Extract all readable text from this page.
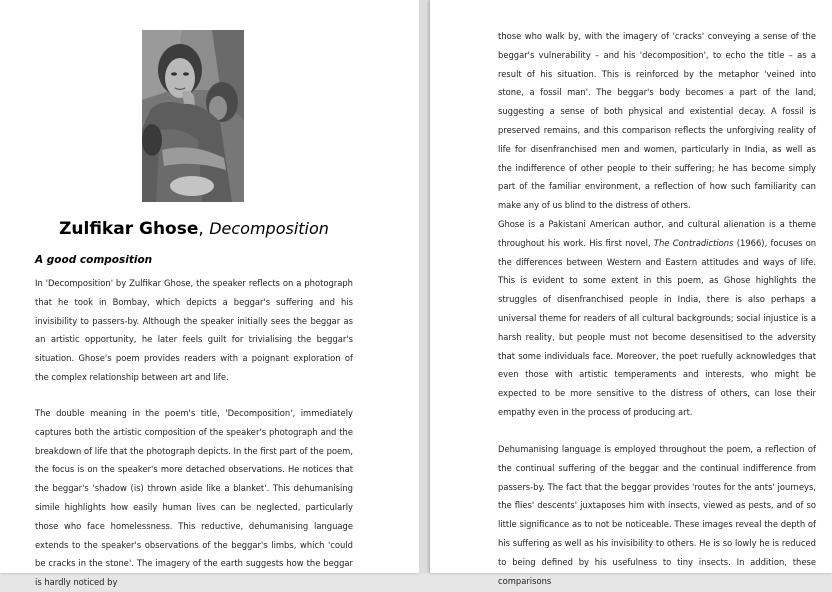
Zulfikar Ghose, Decomposition
A good composition

In 'Decomposition' by Zulfikar Ghose, the speaker reflects on a photograph that he took in Bombay, which depicts a beggar's suffering and his invisibility to passers-by. Although the speaker initially sees the beggar as an artistic opportunity, he later feels guilt for trivialising the beggar's situation. Ghose's poem provides readers with a poignant exploration of the complex relationship between art and life.

The double meaning in the poem's title, 'Decomposition', immediately captures both the artistic composition of the speaker's photograph and the breakdown of life that the photograph depicts. In the first part of the poem, the focus is on the speaker's more detached observations. He notices that the beggar's 'shadow (is) thrown aside like a blanket'. This dehumanising simile highlights how easily human lives can be neglected, particularly those who face homelessness. This reductive, dehumanising language extends to the speaker's observations of the beggar's limbs, which 'could be cracks in the stone'. The imagery of the earth suggests how the beggar is hardly noticed by

those who walk by, with the imagery of 'cracks' conveying a sense of the beggar's vulnerability – and his 'decomposition', to echo the title – as a result of his situation. This is reinforced by the metaphor 'veined into stone, a fossil man'. The beggar's body becomes a part of the land, suggesting a sense of both physical and existential decay. A fossil is preserved remains, and this comparison reflects the unforgiving reality of life for disenfranchised men and women, particularly in India, as well as the indifference of other people to their suffering; he has become simply part of the familiar environment, a reflection of how such familiarity can make any of us blind to the distress of others.

Ghose is a Pakistani American author, and cultural alienation is a theme throughout his work. His first novel, The Contradictions (1966), focuses on the differences between Western and Eastern attitudes and ways of life. This is evident to some extent in this poem, as Ghose highlights the struggles of disenfranchised people in India, there is also perhaps a universal theme for readers of all cultural backgrounds; social injustice is a harsh reality, but people must not become desensitised to the adversity that some individuals face. Moreover, the poet ruefully acknowledges that even those with artistic temperaments and interests, who might be expected to be more sensitive to the distress of others, can lose their empathy even in the process of producing art.

Dehumanising language is employed throughout the poem, a reflection of the continual suffering of the beggar and the continual indifference from passers-by. The fact that the beggar provides 'routes for the ants' journeys, the flies' descents' juxtaposes him with insects, viewed as pests, and of so little significance as to not be noticeable. These images reveal the depth of his suffering as well as his invisibility to others. He is so lowly he is reduced to being defined by his usefulness to tiny insects. In addition, these comparisons
